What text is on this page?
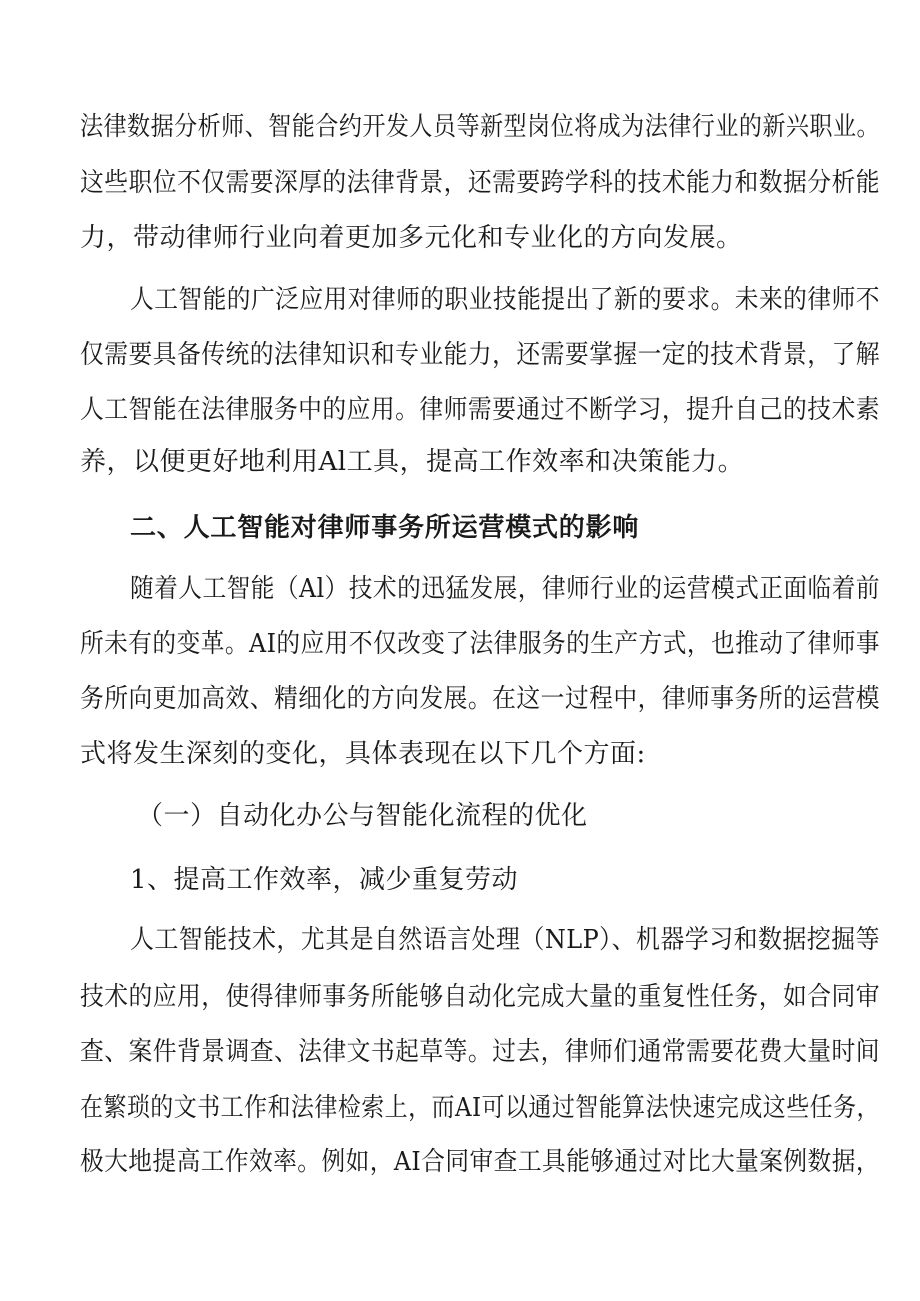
法律数据分析师、智能合约开发人员等新型岗位将成为法律行业的新兴职业。

这些职位不仅需要深厚的法律背景，还需要跨学科的技术能力和数据分析能

力，带动律师行业向着更加多元化和专业化的方向发展。

人工智能的广泛应用对律师的职业技能提出了新的要求。未来的律师不

仅需要具备传统的法律知识和专业能力，还需要掌握一定的技术背景，了解

人工智能在法律服务中的应用。律师需要通过不断学习，提升自己的技术素

养，以便更好地利用Al工具，提高工作效率和决策能力。

二、人工智能对律师事务所运营模式的影响

随着人工智能（Al）技术的迅猛发展，律师行业的运营模式正面临着前

所未有的变革。AI的应用不仅改变了法律服务的生产方式，也推动了律师事

务所向更加高效、精细化的方向发展。在这一过程中，律师事务所的运营模

式将发生深刻的变化，具体表现在以下几个方面:

（一）自动化办公与智能化流程的优化

1、提高工作效率，减少重复劳动

人工智能技术，尤其是自然语言处理（NLP）、机器学习和数据挖掘等

技术的应用，使得律师事务所能够自动化完成大量的重复性任务，如合同审

查、案件背景调查、法律文书起草等。过去，律师们通常需要花费大量时间

在繁琐的文书工作和法律检索上，而AI可以通过智能算法快速完成这些任务，

极大地提高工作效率。例如，AI合同审查工具能够通过对比大量案例数据，
